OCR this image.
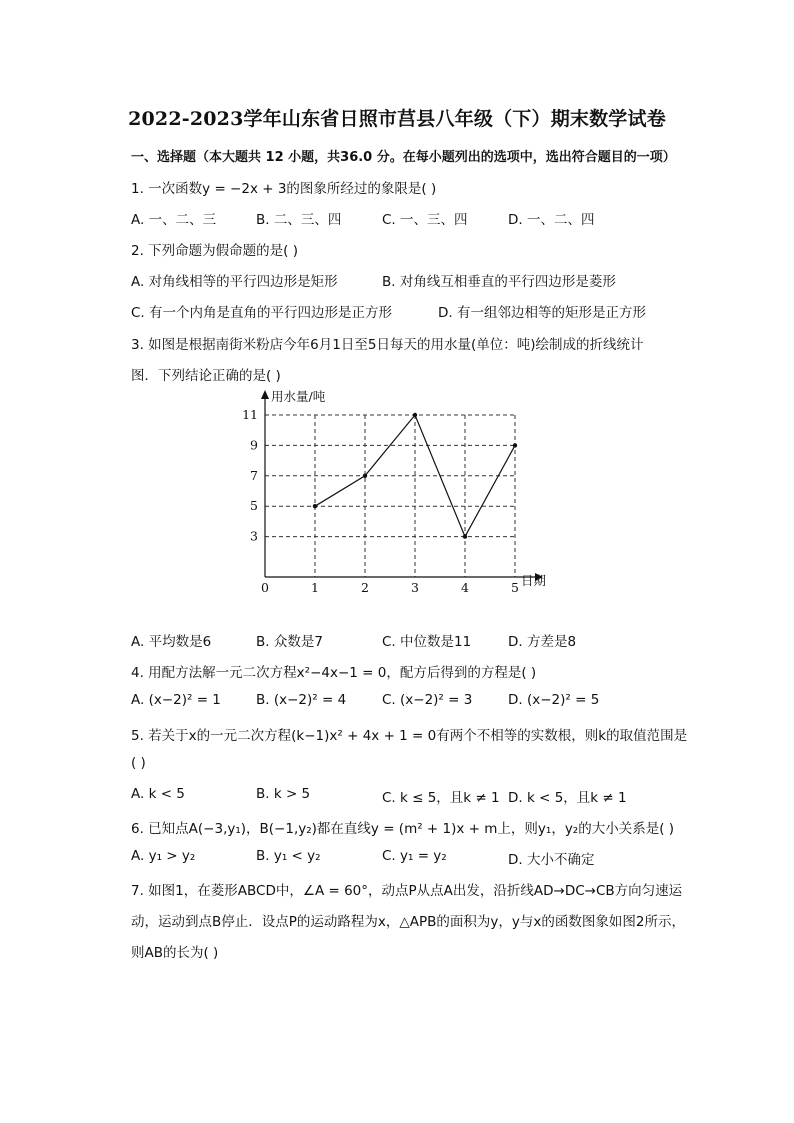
2022-2023学年山东省日照市莒县八年级（下）期末数学试卷
一、选择题（本大题共 12 小题，共36.0 分。在每小题列出的选项中，选出符合题目的一项）
1. 一次函数y = −2x + 3的图象所经过的象限是( )
A. 一、二、三	B. 二、三、四	C. 一、三、四	D. 一、二、四
2. 下列命题为假命题的是( )
A. 对角线相等的平行四边形是矩形	B. 对角线互相垂直的平行四边形是菱形
C. 有一个内角是直角的平行四边形是正方形	D. 有一组邻边相等的矩形是正方形
3. 如图是根据南街米粉店今年6月1日至5日每天的用水量(单位：吨)绘制成的折线统计
图．下列结论正确的是( )
用水量/吨
日期
3
5
7
9
11
0	1	2	3	4	5
A. 平均数是6	B. 众数是7	C. 中位数是11	D. 方差是8
4. 用配方法解一元二次方程x²−4x−1 = 0，配方后得到的方程是( )
A. (x−2)² = 1	B. (x−2)² = 4	C. (x−2)² = 3	D. (x−2)² = 5
5. 若关于x的一元二次方程(k−1)x² + 4x + 1 = 0有两个不相等的实数根，则k的取值范围是
( )
A. k < 5	B. k > 5	C. k ≤ 5，且k ≠ 1 D. k < 5，且k ≠ 1
6. 已知点A(−3,y₁)，B(−1,y₂)都在直线y = (m² + 1)x + m上，则y₁，y₂的大小关系是( )
A. y₁ > y₂	B. y₁ < y₂	C. y₁ = y₂	D. 大小不确定
7. 如图1，在菱形ABCD中，∠A = 60°，动点P从点A出发，沿折线AD→DC→CB方向匀速运
动，运动到点B停止．设点P的运动路程为x，△APB的面积为y，y与x的函数图象如图2所示，
则AB的长为( )
